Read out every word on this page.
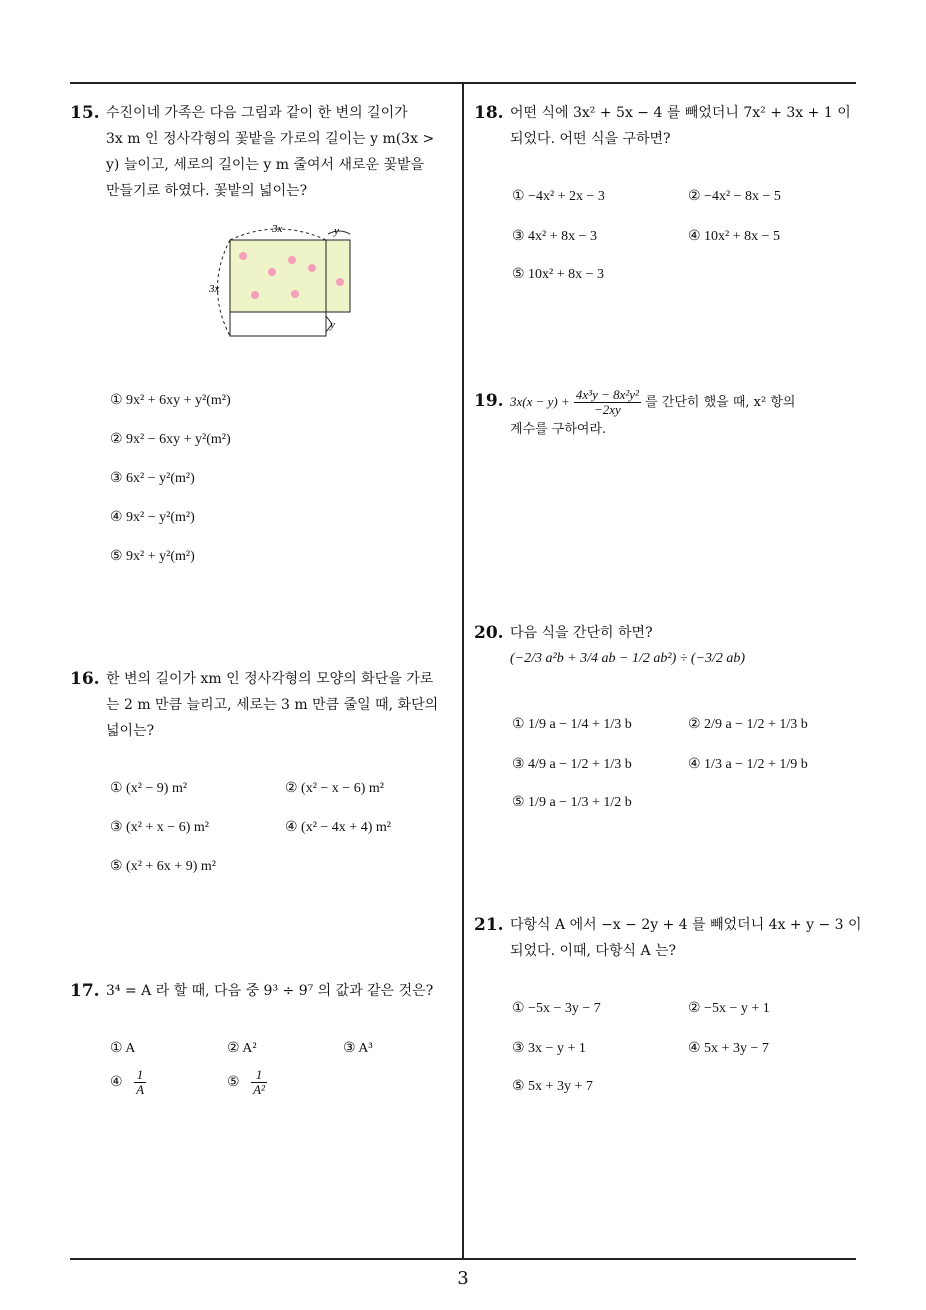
15. 수진이네 가족은 다음 그림과 같이 한 변의 길이가
3x m 인 정사각형의 꽃밭을 가로의 길이는 y m(3x >
y) 늘이고, 세로의 길이는 y m 줄여서 새로운 꽃밭을
만들기로 하였다. 꽃밭의 넓이는?
3x	y
3x
y
① 9x² + 6xy + y²(m²)
② 9x² − 6xy + y²(m²)
③ 6x² − y²(m²)
④ 9x² − y²(m²)
⑤ 9x² + y²(m²)
16. 한 변의 길이가 xm 인 정사각형의 모양의 화단을 가로
는 2 m 만큼 늘리고, 세로는 3 m 만큼 줄일 때, 화단의
넓이는?
① (x² − 9) m²	② (x² − x − 6) m²
③ (x² + x − 6) m²	④ (x² − 4x + 4) m²
⑤ (x² + 6x + 9) m²
17. 3⁴ = A 라 할 때, 다음 중 9³ ÷ 9⁷ 의 값과 같은 것은?
① A	② A²	③ A³
④ $\frac{1}{A}$	⑤ $\frac{1}{\text{A²}}$
18. 어떤 식에 3x² + 5x − 4 를 빼었더니 7x² + 3x + 1 이
되었다. 어떤 식을 구하면?
① −4x² + 2x − 3	② −4x² − 8x − 5
③ 4x² + 8x − 3	④ 10x² + 8x − 5
⑤ 10x² + 8x − 3
19. $3x(x - y) + \frac{\text{4x³y − 8x²y²}}{-2xy}$ 를 간단히 했을 때, x² 항의
계수를 구하여라.
20. 다음 식을 간단히 하면?
(−2/3 a²b + 3/4 ab − 1/2 ab²) ÷ (−3/2 ab)
① 1/9 a − 1/4 + 1/3 b	② 2/9 a − 1/2 + 1/3 b
③ 4/9 a − 1/2 + 1/3 b	④ 1/3 a − 1/2 + 1/9 b
⑤ 1/9 a − 1/3 + 1/2 b
21. 다항식 A 에서 −x − 2y + 4 를 빼었더니 4x + y − 3 이
되었다. 이때, 다항식 A 는?
① −5x − 3y − 7	② −5x − y + 1
③ 3x − y + 1	④ 5x + 3y − 7
⑤ 5x + 3y + 7
3
